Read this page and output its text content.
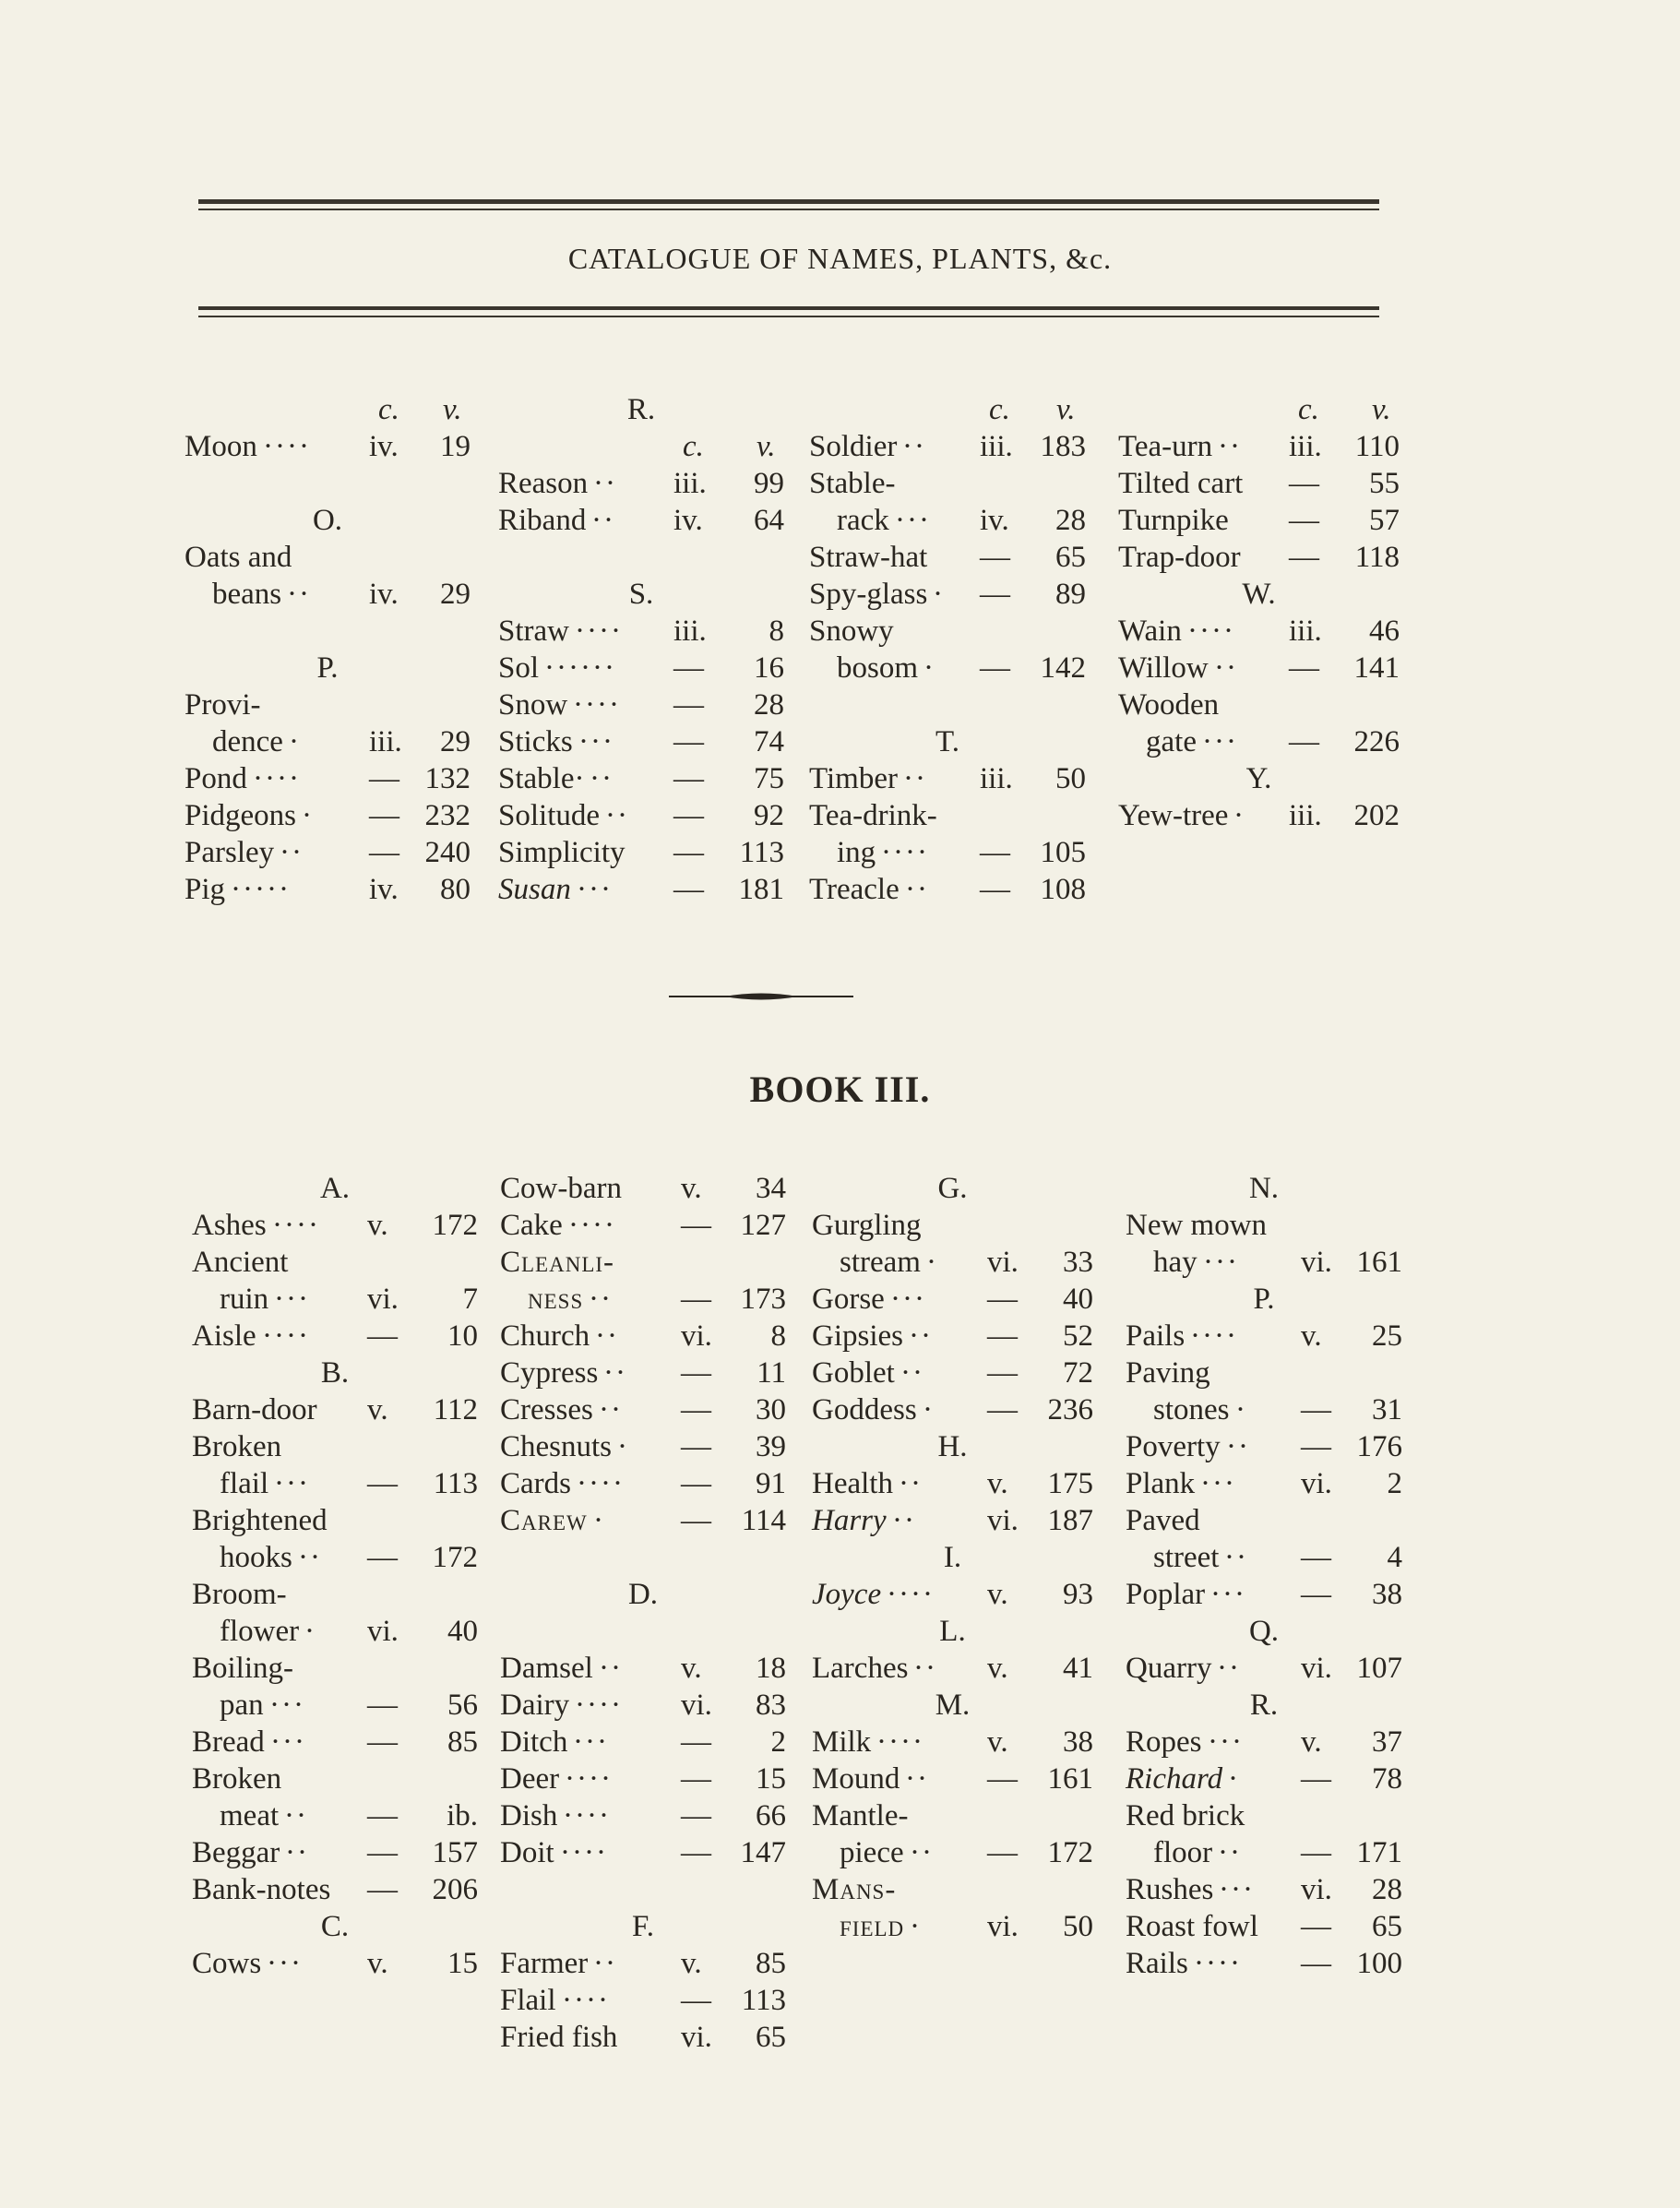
CATALOGUE OF NAMES, PLANTS, &c.
c. v.
Moon ···· iv.	19
O.
Oats and
beans ·· iv.	29
P.
Provi-
dence · iii.	29
Pond ···· — 132
Pidgeons · — 232
Parsley ·· — 240
Pig ·····	iv.	80
R.
c. v.
Reason ·· iii.	99
Riband ·· iv.	64
S.
Straw ···· iii.	8
Sol ······ —	16
Snow ···· —	28
Sticks ··· —	74
Stable· ·· —	75
Solitude ·· —	92
Simplicity —	113
Susan ··· —	181
c. v.
Soldier ·· iii. 183
Stable-
rack ··· iv.	28
Straw-hat —	65
Spy-glass · —	89
Snowy
bosom · — 142
T.
Timber ·· iii.	50
Tea-drink-
ing ···· — 105
Treacle ·· — 108
c. v.
Tea-urn ·· iii.	110
Tilted cart —	55
Turnpike —	57
Trap-door —	118
W.
Wain ···· iii.	46
Willow ·· —	141
Wooden
gate ··· —	226
Y.
Yew-tree · iii.	202
BOOK III.
A.
Ashes ···· v.	172
Ancient
ruin ··· vi.	7
Aisle ···· —	10
B.
Barn-door v.	112
Broken
flail ··· —	113
Brightened
hooks ·· —	172
Broom-
flower · vi.	40
Boiling-
pan ··· —	56
Bread ··· —	85
Broken
meat ·· —	ib.
Beggar ·· —	157
Bank-notes —	206
C.
Cows ··· v.	15
Cow-barn v.	34
Cake ···· — 127
Cleanli-
ness ·· — 173
Church ·· vi.	8
Cypress ·· —	11
Cresses ·· —	30
Chesnuts · —	39
Cards ···· —	91
Carew · — 114
D.
Damsel ·· v.	18
Dairy ···· vi.	83
Ditch ··· —	2
Deer ···· —	15
Dish ···· —	66
Doit ···· — 147
F.
Farmer ·· v.	85
Flail ···· — 113
Fried fish vi.	65
G.
Gurgling
stream · vi.	33
Gorse ··· —	40
Gipsies ·· —	52
Goblet ·· —	72
Goddess · — 236
H.
Health ·· v.	175
Harry ·· vi. 187
I.
Joyce ···· v.	93
L.
Larches ·· v.	41
M.
Milk ···· v.	38
Mound ·· — 161
Mantle-
piece ·· — 172
Mans-
field · vi.	50
N.
New mown
hay ··· vi. 161
P.
Pails ···· v.	25
Paving
stones · —	31
Poverty ·· — 176
Plank ··· vi.	2
Paved
street ·· —	4
Poplar ··· —	38
Q.
Quarry ·· vi. 107
R.
Ropes ··· v.	37
Richard · —	78
Red brick
floor ·· — 171
Rushes ··· vi.	28
Roast fowl —	65
Rails ···· — 100
